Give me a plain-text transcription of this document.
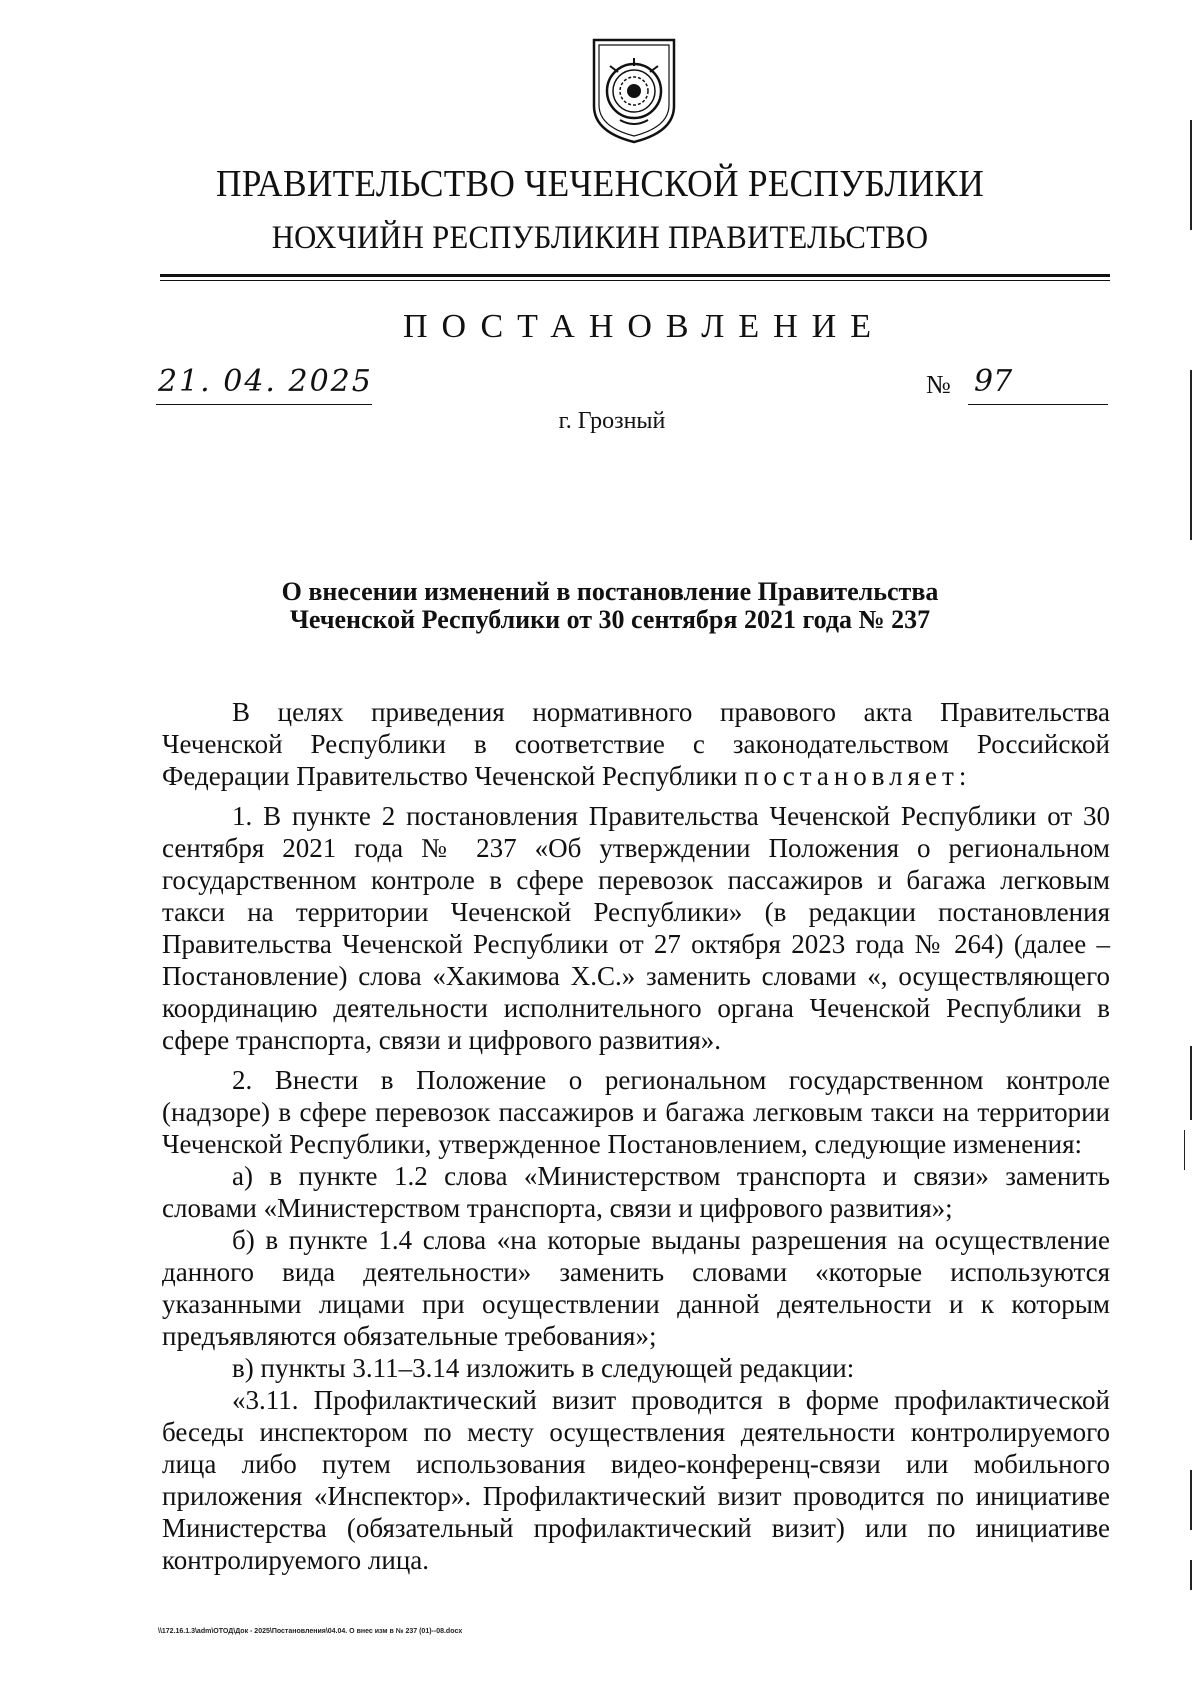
ПРАВИТЕЛЬСТВО ЧЕЧЕНСКОЙ РЕСПУБЛИКИ
НОХЧИЙН РЕСПУБЛИКИН ПРАВИТЕЛЬСТВО
ПОСТАНОВЛЕНИЕ
21. 04. 2025	№ 97
г. Грозный
О внесении изменений в постановление Правительства
Чеченской Республики от 30 сентября 2021 года № 237

В целях приведения нормативного правового акта Правительства Чеченской Республики в соответствие с законодательством Российской Федерации Правительство Чеченской Республики постановляет:

1. В пункте 2 постановления Правительства Чеченской Республики от 30 сентября 2021 года № 237 «Об утверждении Положения о региональном государственном контроле в сфере перевозок пассажиров и багажа легковым такси на территории Чеченской Республики» (в редакции постановления Правительства Чеченской Республики от 27 октября 2023 года № 264) (далее – Постановление) слова «Хакимова Х.С.» заменить словами «, осуществляющего координацию деятельности исполнительного органа Чеченской Республики в сфере транспорта, связи и цифрового развития».

2. Внести в Положение о региональном государственном контроле (надзоре) в сфере перевозок пассажиров и багажа легковым такси на территории Чеченской Республики, утвержденное Постановлением, следующие изменения:

а) в пункте 1.2 слова «Министерством транспорта и связи» заменить словами «Министерством транспорта, связи и цифрового развития»;

б) в пункте 1.4 слова «на которые выданы разрешения на осуществление данного вида деятельности» заменить словами «которые используются указанными лицами при осуществлении данной деятельности и к которым предъявляются обязательные требования»;

в) пункты 3.11–3.14 изложить в следующей редакции:

«3.11. Профилактический визит проводится в форме профилактической беседы инспектором по месту осуществления деятельности контролируемого лица либо путем использования видео-конференц-связи или мобильного приложения «Инспектор». Профилактический визит проводится по инициативе Министерства (обязательный профилактический визит) или по инициативе контролируемого лица.

\\172.16.1.3\adm\OTOД\Док - 2025\Постановления\04.04. О внес изм в № 237 (01)--08.docx
